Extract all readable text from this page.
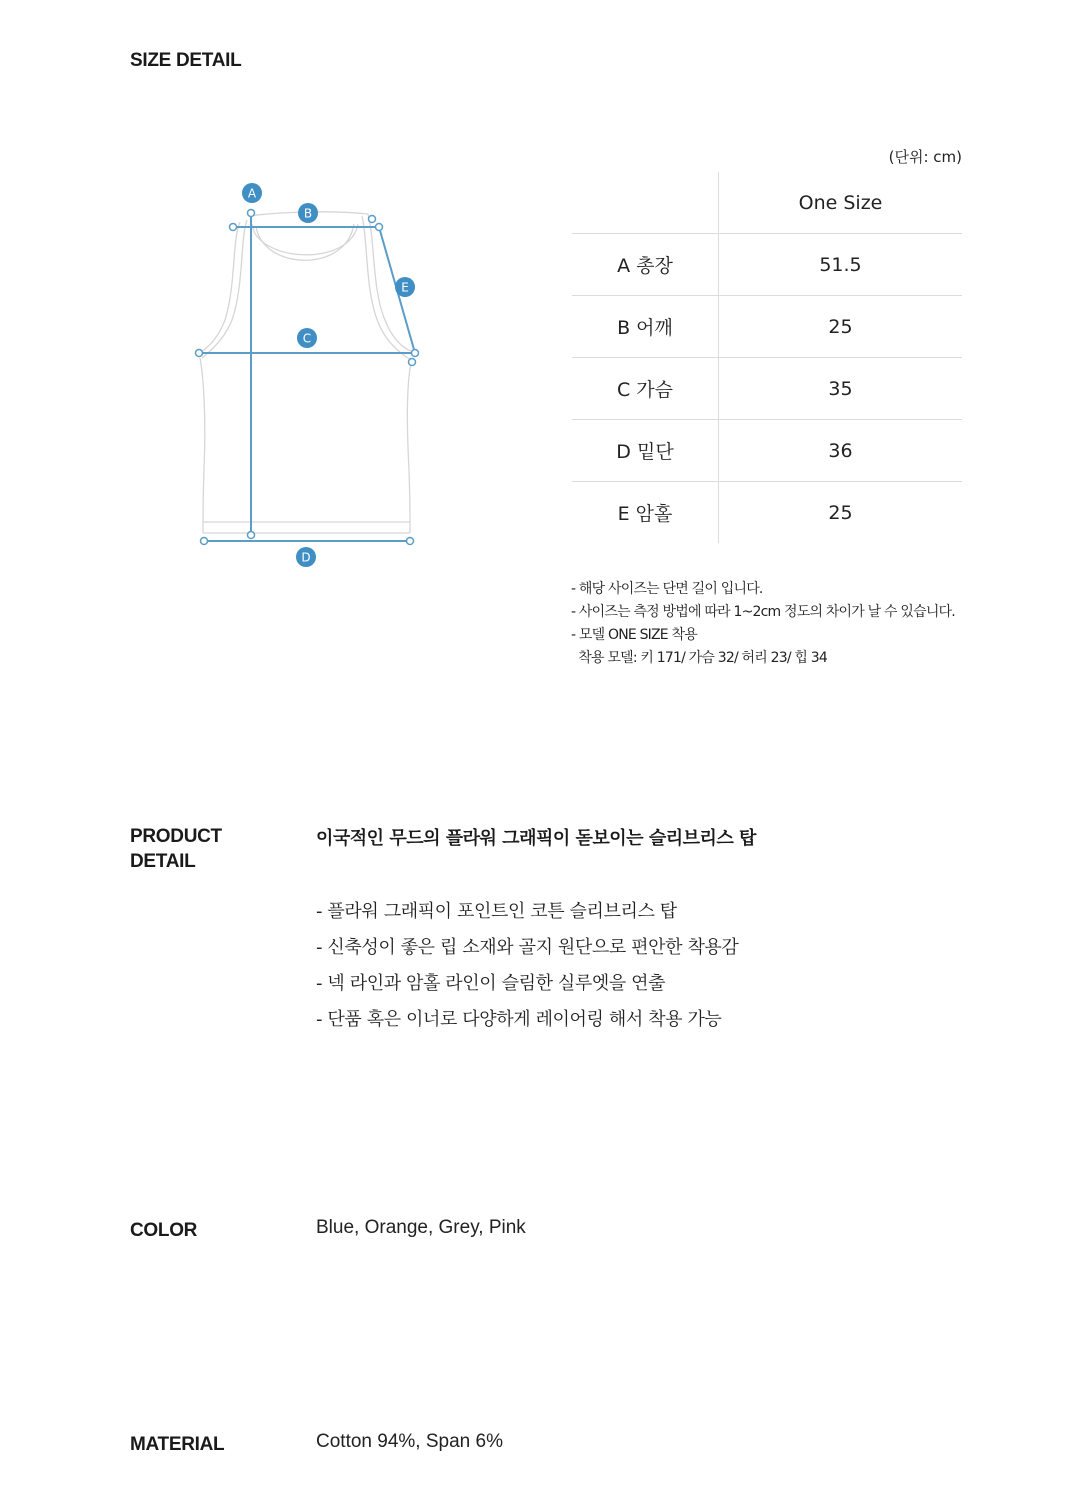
SIZE DETAIL
A
B
C
D
E
(단위: cm)
	One Size
A 총장	51.5
B 어깨	25
C 가슴	35
D 밑단	36
E 암홀	25
- 해당 사이즈는 단면 길이 입니다.
- 사이즈는 측정 방법에 따라 1~2cm 정도의 차이가 날 수 있습니다.
- 모델 ONE SIZE 착용
착용 모델: 키 171/ 가슴 32/ 허리 23/ 힙 34
PRODUCT
DETAIL
이국적인 무드의 플라워 그래픽이 돋보이는 슬리브리스 탑
- 플라워 그래픽이 포인트인 코튼 슬리브리스 탑
- 신축성이 좋은 립 소재와 골지 원단으로 편안한 착용감
- 넥 라인과 암홀 라인이 슬림한 실루엣을 연출
- 단품 혹은 이너로 다양하게 레이어링 해서 착용 가능
COLOR	Blue, Orange, Grey, Pink
MATERIAL	Cotton 94%, Span 6%
